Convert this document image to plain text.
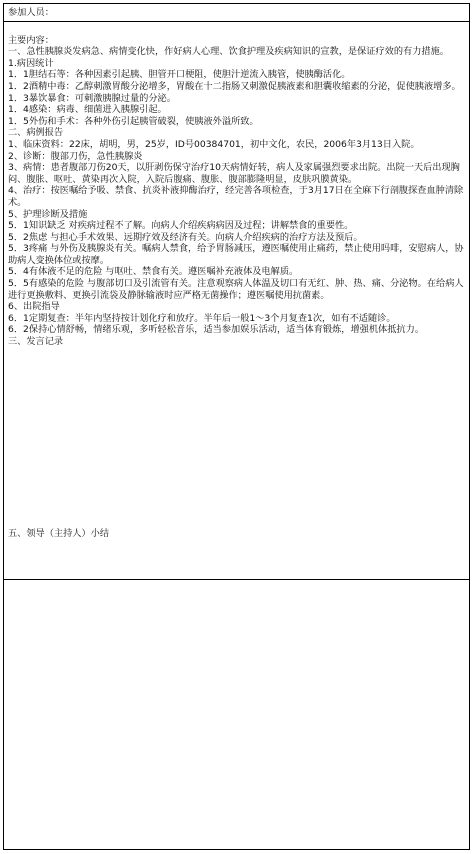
参加人员：

主要内容：

一、急性胰腺炎发病急、病情变化快，作好病人心理、饮食护理及疾病知识的宣教，是保证疗效的有力措施。

1.病因统计

1．1胆结石等：各种因素引起胰、胆管开口梗阻，使胆汁逆流入胰管，使胰酶活化。

1．2酒精中毒：乙醇刺激胃酸分泌增多，胃酸在十二指肠又刺激促胰液素和胆囊收缩素的分泌，促使胰液增多。

1．3暴饮暴食：可刺激胰腺过量的分泌。

1．4感染：病毒、细菌进入胰腺引起。

1．5外伤和手术：各种外伤引起胰管破裂，使胰液外溢所致。

二、病例报告

1、临床资料：22床，胡明，男，25岁，ID号00384701，初中文化，农民，2006年3月13日入院。

2、诊断：腹部刀伤，急性胰腺炎

3、病情：患者腹部刀伤20天，以肝剥伤保守治疗10天病情好转，病人及家属强烈要求出院。出院一天后出现胸闷、腹胀、呕吐、黄染再次入院，入院后腹痛、腹胀、腹部膨隆明显，皮肤巩膜黄染。

4、治疗：按医嘱给予吸、禁食、抗炎补液抑酶治疗，经完善各项检查，于3月17日在全麻下行剖腹探查血肿清除术。

5、护理诊断及措施

5．1知识缺乏 对疾病过程不了解。向病人介绍疾病病因及过程；讲解禁食的重要性。

5．2焦虑 与担心手术效果、远期疗效及经济有关。向病人介绍疾病的治疗方法及预后。

5．3疼痛 与外伤及胰腺炎有关。嘱病人禁食，给予胃肠减压，遵医嘱使用止痛药，禁止使用吗啡，安慰病人，协助病人变换体位或按摩。

5．4有体液不足的危险 与呕吐、禁食有关。遵医嘱补充液体及电解质。

5．5有感染的危险 与腹部切口及引流管有关。注意观察病人体温及切口有无红、肿、热、痛、分泌物。在给病人进行更换敷料、更换引流袋及静脉输液时应严格无菌操作；遵医嘱使用抗菌素。

6、出院指导

6．1定期复查：半年内坚持按计划化疗和放疗。半年后一般1～3个月复查1次，如有不适随诊。

6．2保持心情舒畅，情绪乐观，多听轻松音乐，适当参加娱乐活动，适当体育锻炼，增强机体抵抗力。

三、发言记录

五、领导（主持人）小结
